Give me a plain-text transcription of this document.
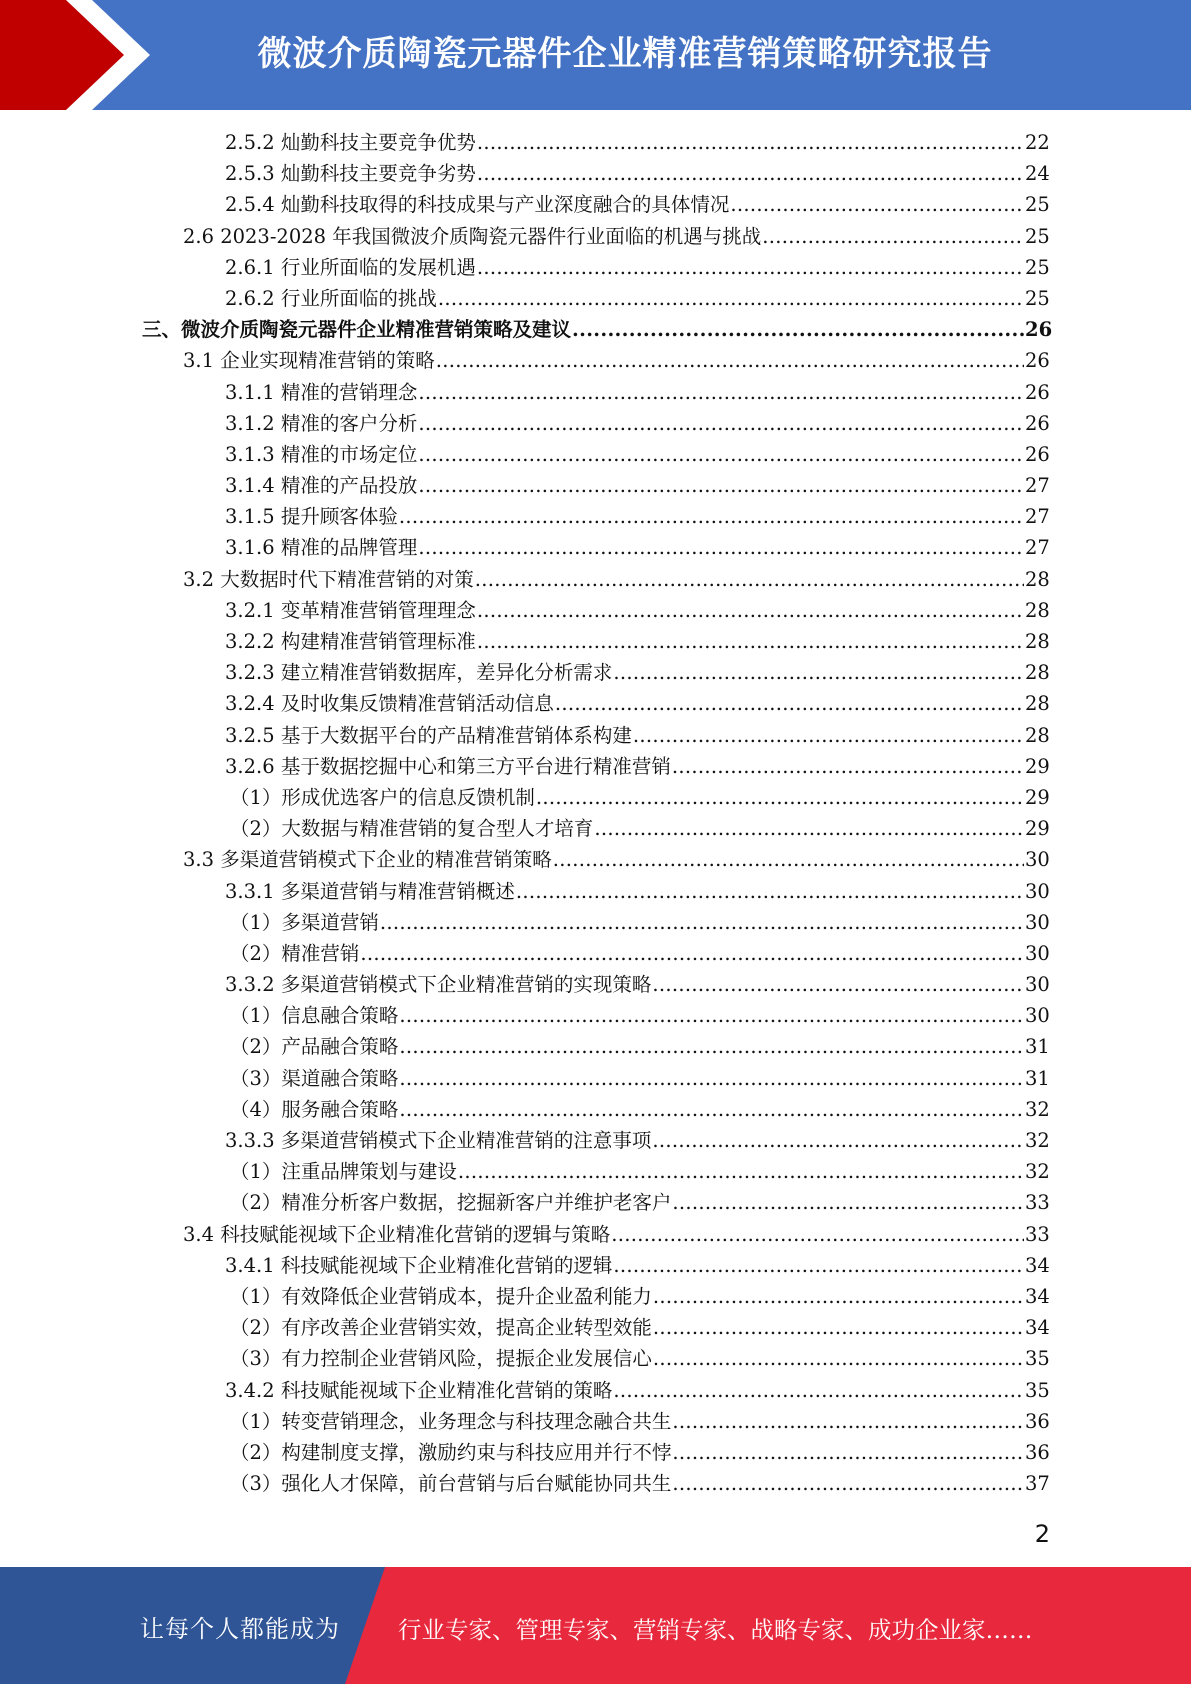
微波介质陶瓷元器件企业精准营销策略研究报告
2.5.2 灿勤科技主要竞争优势 .....	22
2.5.3 灿勤科技主要竞争劣势 .....	24
2.5.4 灿勤科技取得的科技成果与产业深度融合的具体情况 .....	25
2.6 2023-2028 年我国微波介质陶瓷元器件行业面临的机遇与挑战 .....	25
2.6.1 行业所面临的发展机遇 .....	25
2.6.2 行业所面临的挑战 .....	25
三、微波介质陶瓷元器件企业精准营销策略及建议 .....	26
3.1 企业实现精准营销的策略 .....	26
3.1.1 精准的营销理念 .....	26
3.1.2 精准的客户分析 .....	26
3.1.3 精准的市场定位 .....	26
3.1.4 精准的产品投放 .....	27
3.1.5 提升顾客体验 .....	27
3.1.6 精准的品牌管理 .....	27
3.2 大数据时代下精准营销的对策 .....	28
3.2.1 变革精准营销管理理念 .....	28
3.2.2 构建精准营销管理标准 .....	28
3.2.3 建立精准营销数据库，差异化分析需求 .....	28
3.2.4 及时收集反馈精准营销活动信息 .....	28
3.2.5 基于大数据平台的产品精准营销体系构建 .....	28
3.2.6 基于数据挖掘中心和第三方平台进行精准营销 .....	29
（1）形成优选客户的信息反馈机制 .....	29
（2）大数据与精准营销的复合型人才培育 .....	29
3.3 多渠道营销模式下企业的精准营销策略 .....	30
3.3.1 多渠道营销与精准营销概述 .....	30
（1）多渠道营销 .....	30
（2）精准营销 .....	30
3.3.2 多渠道营销模式下企业精准营销的实现策略 .....	30
（1）信息融合策略 .....	30
（2）产品融合策略 .....	31
（3）渠道融合策略 .....	31
（4）服务融合策略 .....	32
3.3.3 多渠道营销模式下企业精准营销的注意事项 .....	32
（1）注重品牌策划与建设 .....	32
（2）精准分析客户数据，挖掘新客户并维护老客户 .....	33
3.4 科技赋能视域下企业精准化营销的逻辑与策略 .....	33
3.4.1 科技赋能视域下企业精准化营销的逻辑 .....	34
（1）有效降低企业营销成本，提升企业盈利能力 .....	34
（2）有序改善企业营销实效，提高企业转型效能 .....	34
（3）有力控制企业营销风险，提振企业发展信心 .....	35
3.4.2 科技赋能视域下企业精准化营销的策略 .....	35
（1）转变营销理念，业务理念与科技理念融合共生 .....	36
（2）构建制度支撑，激励约束与科技应用并行不悖 .....	36
（3）强化人才保障，前台营销与后台赋能协同共生 .....	37
2
让每个人都能成为 行业专家、管理专家、营销专家、战略专家、成功企业家……
